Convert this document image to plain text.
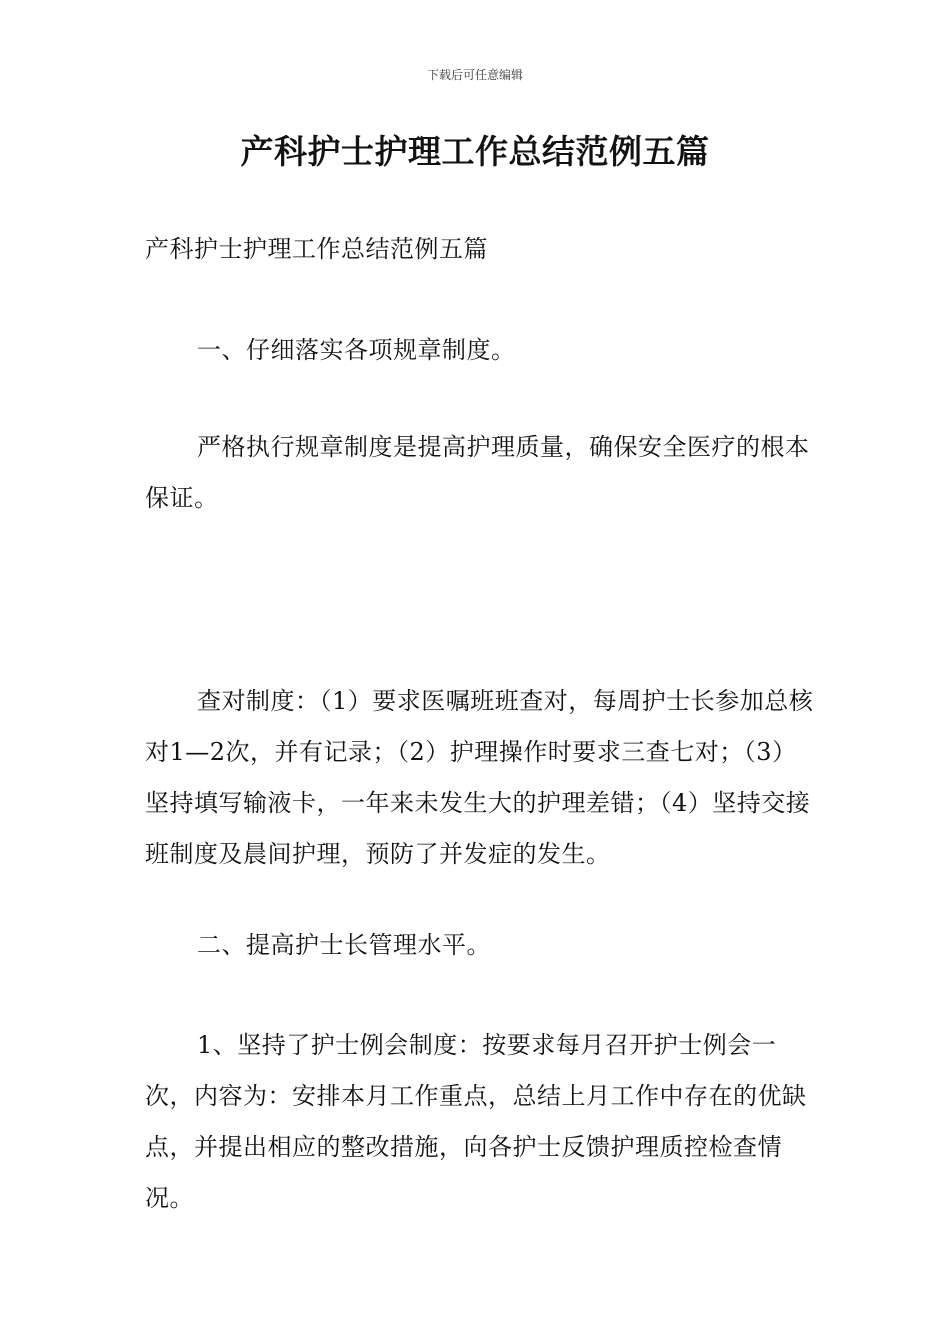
下载后可任意编辑
产科护士护理工作总结范例五篇

产科护士护理工作总结范例五篇

一、仔细落实各项规章制度。

严格执行规章制度是提高护理质量，确保安全医疗的根本保证。

查对制度：（1）要求医嘱班班查对，每周护士长参加总核对1—2次，并有记录；（2）护理操作时要求三查七对；（3）坚持填写输液卡，一年来未发生大的护理差错；（4）坚持交接班制度及晨间护理，预防了并发症的发生。

二、提高护士长管理水平。

1、坚持了护士例会制度：按要求每月召开护士例会一次，内容为：安排本月工作重点，总结上月工作中存在的优缺点，并提出相应的整改措施，向各护士反馈护理质控检查情况。
